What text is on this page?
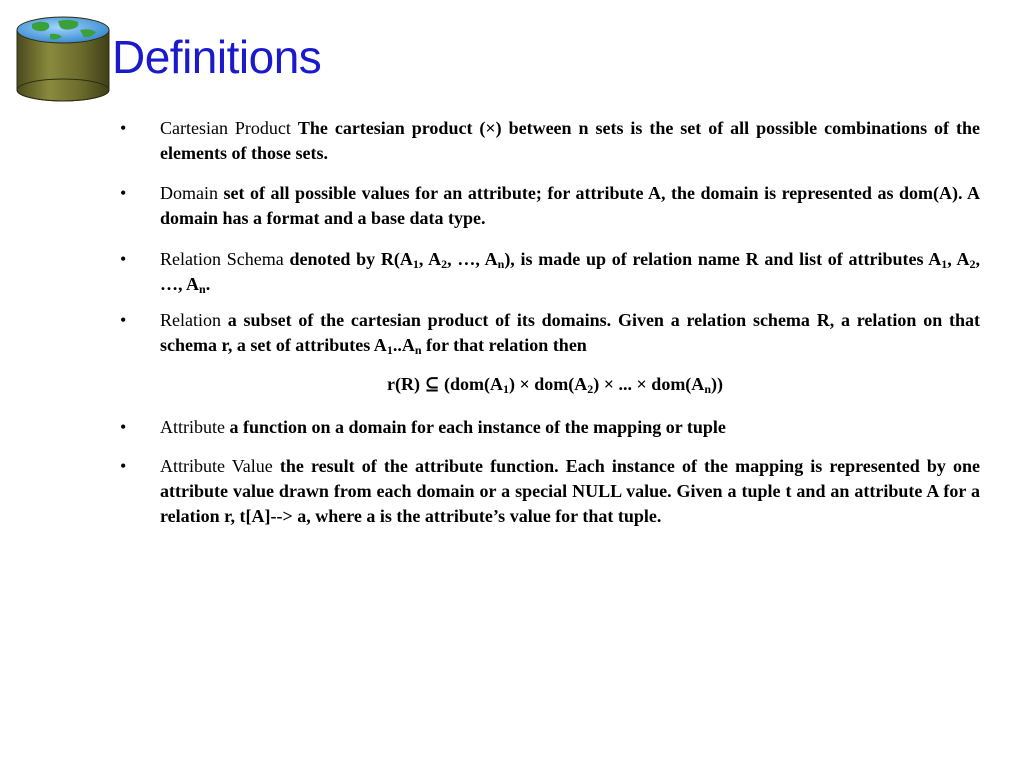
Definitions
• Cartesian Product The cartesian product (×) between n sets is the set of all possible combinations of the elements of those sets.
• Domain set of all possible values for an attribute; for attribute A, the domain is represented as dom(A). A domain has a format and a base data type.
• Relation Schema denoted by $R(A_1$, $A_2$, …, $A_n$), is made up of relation name R and list of attributes $A_1$, $A_2$, …, $A_n$.
• Relation a subset of the cartesian product of its domains. Given a relation schema R, a relation on that schema r, a set of attributes $A_1..A_n$ for that relation then
r(R) ⊆ ($dom(A_1) \times dom(A_2)$ × ... × $dom(A_n)$)
• Attribute a function on a domain for each instance of the mapping or tuple
• Attribute Value the result of the attribute function. Each instance of the mapping is represented by one attribute value drawn from each domain or a special NULL value. Given a tuple t and an attribute A for a relation r, t[A]--> a, where a is the attribute’s value for that tuple.
